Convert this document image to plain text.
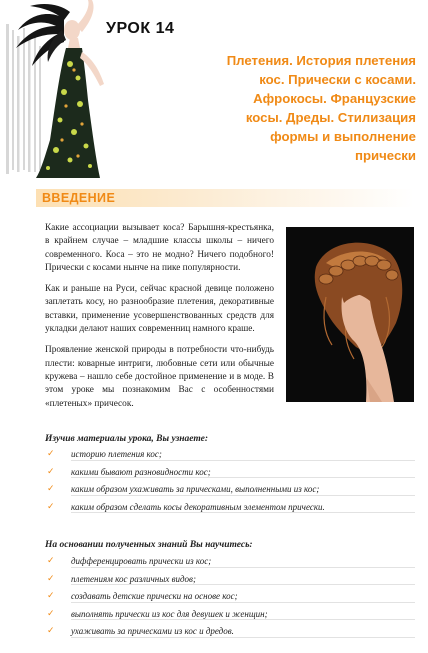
УРОК 14
Плетения. История плетения
кос. Прически с косами.
Афрокосы. Французские
косы. Дреды. Стилизация
формы и выполнение
прически
ВВЕДЕНИЕ

Какие ассоциации вызывает коса? Барышня-крестьянка, в крайнем случае – младшие классы школы – ничего современного. Коса – это не модно? Ничего подобного! Прически с косами нынче на пике популярности.

Как и раньше на Руси, сейчас красной девице положено заплетать косу, но разнообразие плетения, декоративные вставки, применение усовершенствованных средств для укладки делают наших современниц намного краше.

Проявление женской природы в потребности что-нибудь плести: коварные интриги, любовные сети или обычные кружева – нашло себе достойное применение и в моде. В этом уроке мы познакомим Вас с особенностями «плетеных» причесок.

Изучив материалы урока, Вы узнаете:
✓ историю плетения кос;
✓ какими бывают разновидности кос;
✓ каким образом ухаживать за прическами, выполненными из кос;
✓ каким образом сделать косы декоративным элементом прически.
На основании полученных знаний Вы научитесь:
✓ дифференцировать прически из кос;
✓ плетениям кос различных видов;
✓ создавать детские прически на основе кос;
✓ выполнять прически из кос для девушек и женщин;
✓ ухаживать за прическами из кос и дредов.
